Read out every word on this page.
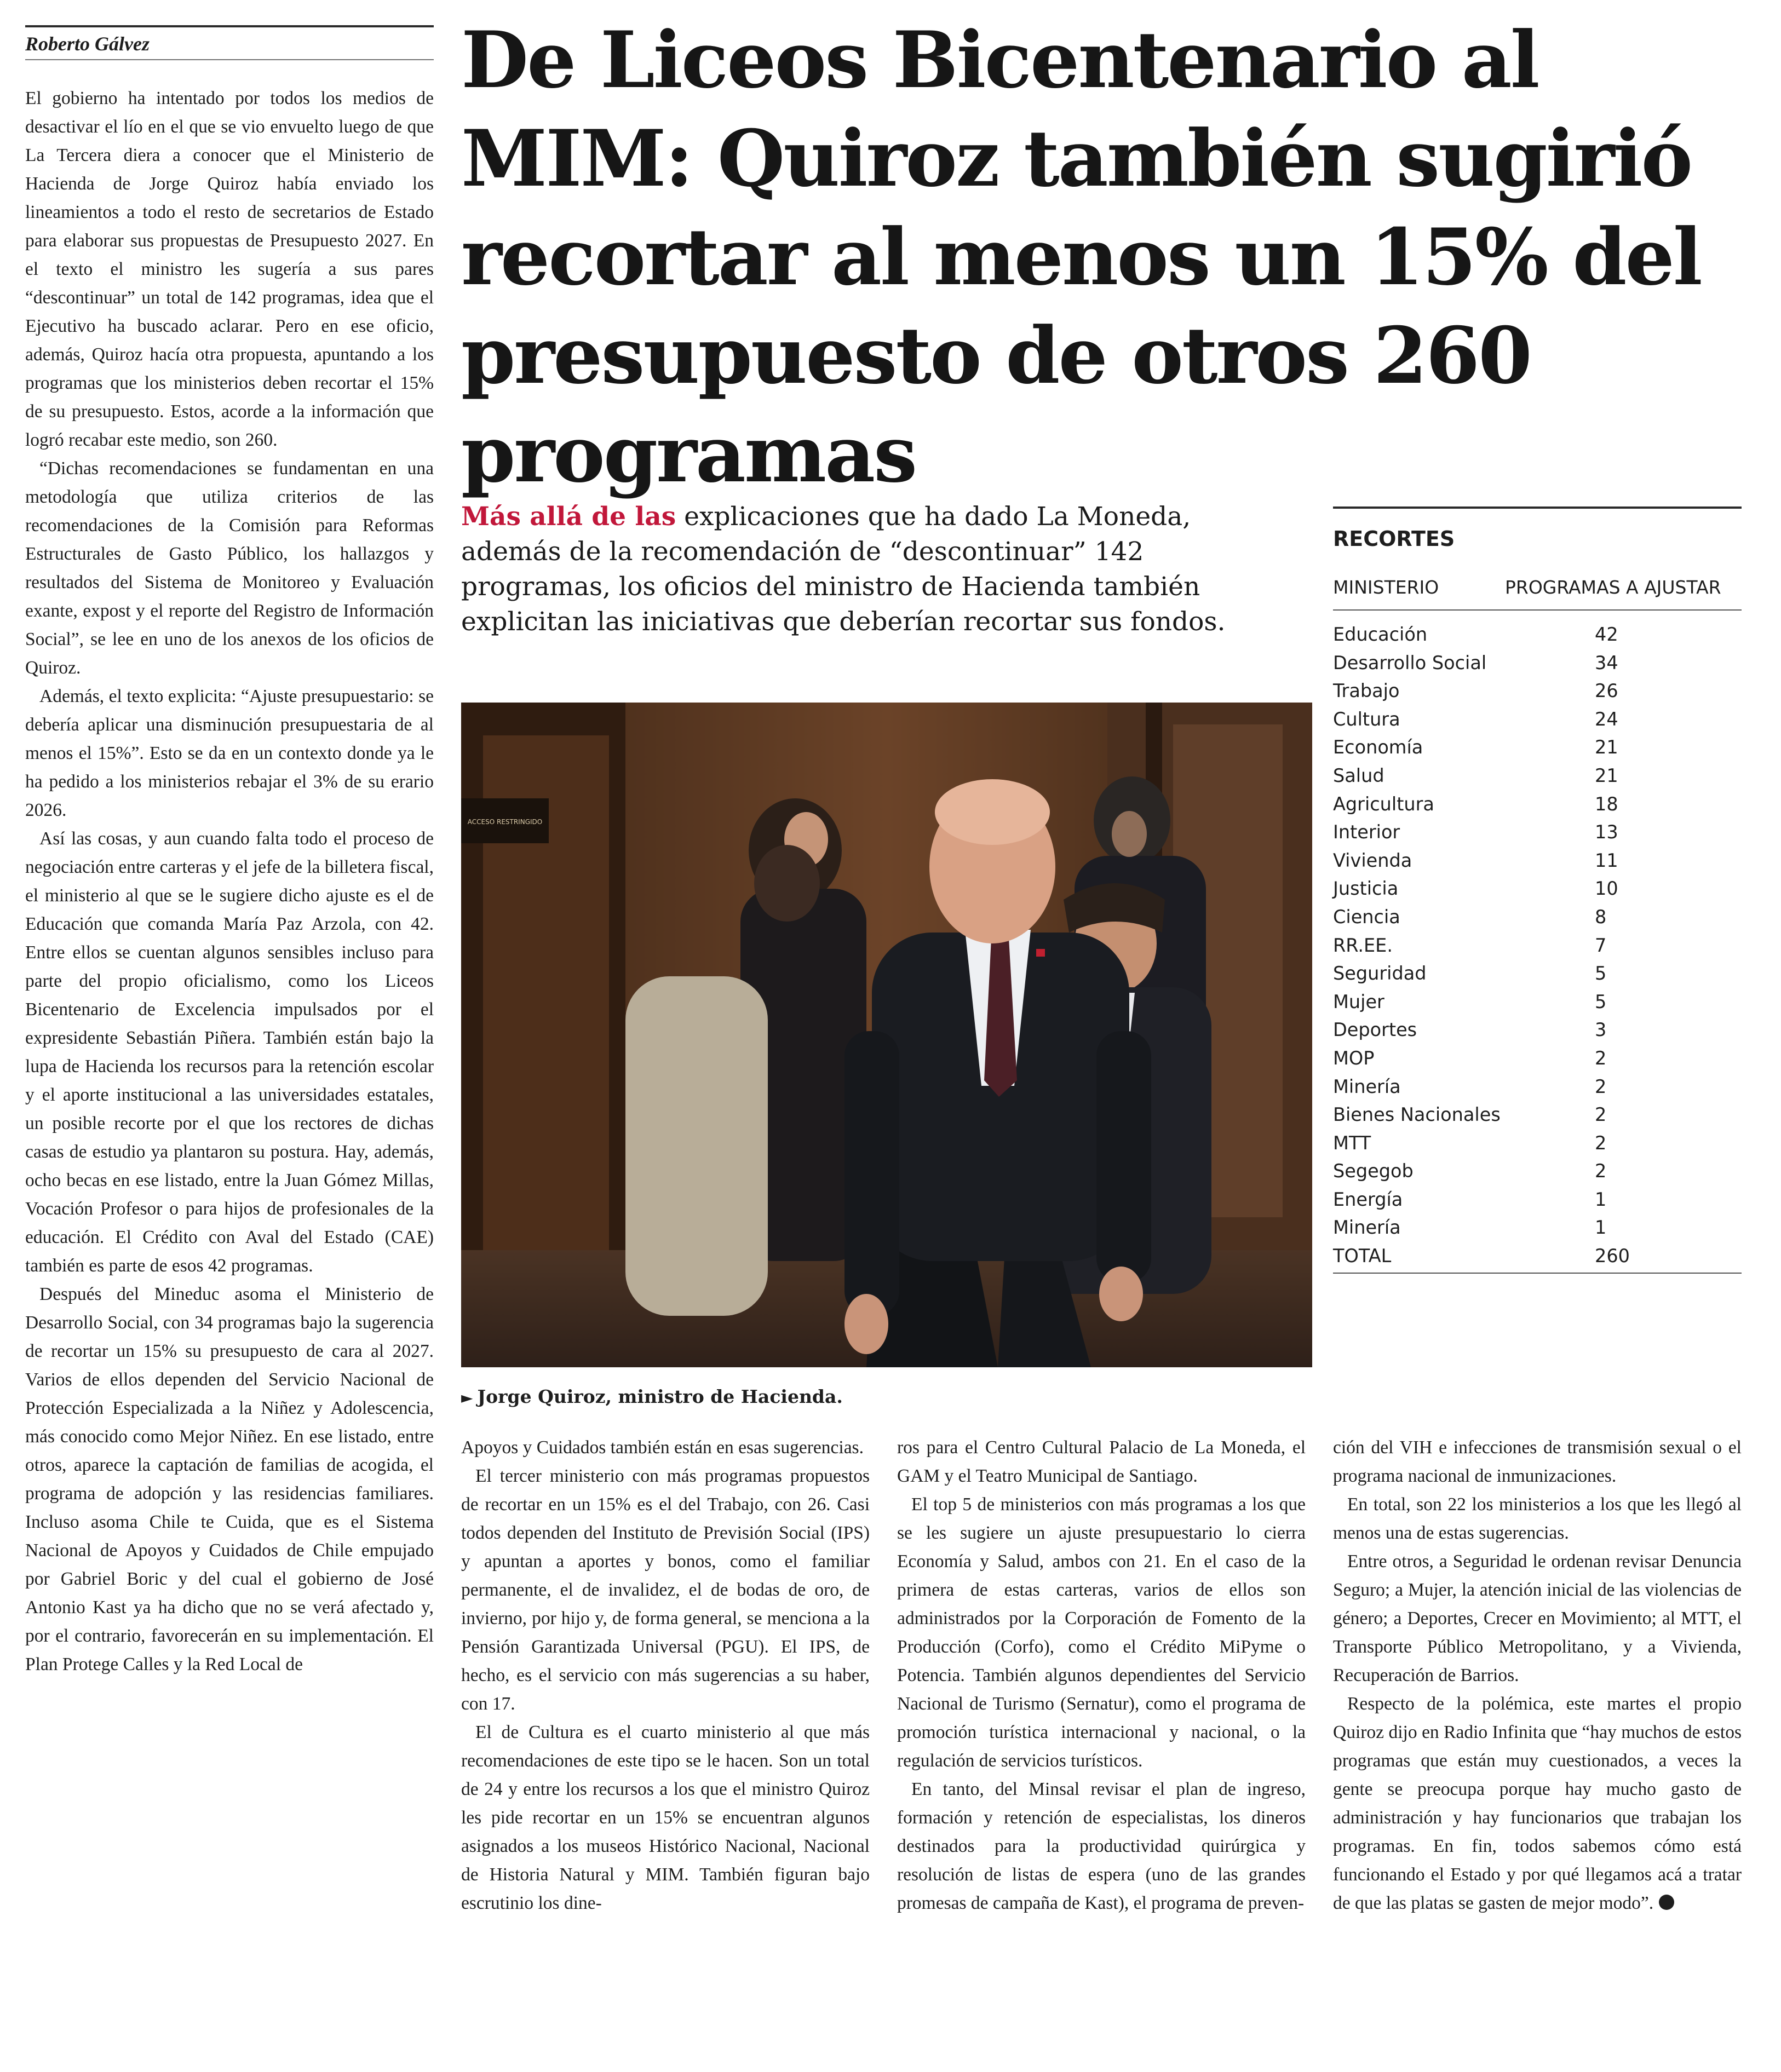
Roberto Gálvez

El gobierno ha intentado por todos los medios de desactivar el lío en el que se vio envuelto luego de que La Tercera diera a conocer que el Ministerio de Hacienda de Jorge Quiroz había enviado los lineamientos a todo el resto de secretarios de Estado para elaborar sus propuestas de Presupuesto 2027. En el texto el ministro les sugería a sus pares “descontinuar” un total de 142 programas, idea que el Ejecutivo ha buscado aclarar. Pero en ese oficio, además, Quiroz hacía otra propuesta, apuntando a los programas que los ministerios deben recortar el 15% de su presupuesto. Estos, acorde a la información que logró recabar este medio, son 260.

“Dichas recomendaciones se fundamentan en una metodología que utiliza criterios de las recomendaciones de la Comisión para Reformas Estructurales de Gasto Público, los hallazgos y resultados del Sistema de Monitoreo y Evaluación exante, expost y el reporte del Registro de Información Social”, se lee en uno de los anexos de los oficios de Quiroz.

Además, el texto explicita: “Ajuste presupuestario: se debería aplicar una disminución presupuestaria de al menos el 15%”. Esto se da en un contexto donde ya le ha pedido a los ministerios rebajar el 3% de su erario 2026.

Así las cosas, y aun cuando falta todo el proceso de negociación entre carteras y el jefe de la billetera fiscal, el ministerio al que se le sugiere dicho ajuste es el de Educación que comanda María Paz Arzola, con 42. Entre ellos se cuentan algunos sensibles incluso para parte del propio oficialismo, como los Liceos Bicentenario de Excelencia impulsados por el expresidente Sebastián Piñera. También están bajo la lupa de Hacienda los recursos para la retención escolar y el aporte institucional a las universidades estatales, un posible recorte por el que los rectores de dichas casas de estudio ya plantaron su postura. Hay, además, ocho becas en ese listado, entre la Juan Gómez Millas, Vocación Profesor o para hijos de profesionales de la educación. El Crédito con Aval del Estado (CAE) también es parte de esos 42 programas.

Después del Mineduc asoma el Ministerio de Desarrollo Social, con 34 programas bajo la sugerencia de recortar un 15% su presupuesto de cara al 2027. Varios de ellos dependen del Servicio Nacional de Protección Especializada a la Niñez y Adolescencia, más conocido como Mejor Niñez. En ese listado, entre otros, aparece la captación de familias de acogida, el programa de adopción y las residencias familiares. Incluso asoma Chile te Cuida, que es el Sistema Nacional de Apoyos y Cuidados de Chile empujado por Gabriel Boric y del cual el gobierno de José Antonio Kast ya ha dicho que no se verá afectado y, por el contrario, favorecerán en su implementación. El Plan Protege Calles y la Red Local de

De Liceos Bicentenario al MIM: Quiroz también sugirió recortar al menos un 15% del presupuesto de otros 260 programas
Más allá de las explicaciones que ha dado La Moneda, además de la recomendación de “descontinuar” 142 programas, los oficios del ministro de Hacienda también explicitan las iniciativas que deberían recortar sus fondos.
ACCESO RESTRINGIDO
► Jorge Quiroz, ministro de Hacienda.
RECORTES
MINISTERIO	PROGRAMAS A AJUSTAR
Educación	42
Desarrollo Social	34
Trabajo	26
Cultura	24
Economía	21
Salud	21
Agricultura	18
Interior	13
Vivienda	11
Justicia	10
Ciencia	8
RR.EE.	7
Seguridad	5
Mujer	5
Deportes	3
MOP	2
Minería	2
Bienes Nacionales	2
MTT	2
Segegob	2
Energía	1
Minería	1
TOTAL	260

Apoyos y Cuidados también están en esas sugerencias.

El tercer ministerio con más programas propuestos de recortar en un 15% es el del Trabajo, con 26. Casi todos dependen del Instituto de Previsión Social (IPS) y apuntan a aportes y bonos, como el familiar permanente, el de invalidez, el de bodas de oro, de invierno, por hijo y, de forma general, se menciona a la Pensión Garantizada Universal (PGU). El IPS, de hecho, es el servicio con más sugerencias a su haber, con 17.

El de Cultura es el cuarto ministerio al que más recomendaciones de este tipo se le hacen. Son un total de 24 y entre los recursos a los que el ministro Quiroz les pide recortar en un 15% se encuentran algunos asignados a los museos Histórico Nacional, Nacional de Historia Natural y MIM. También figuran bajo escrutinio los dine-

ros para el Centro Cultural Palacio de La Moneda, el GAM y el Teatro Municipal de Santiago.

El top 5 de ministerios con más programas a los que se les sugiere un ajuste presupuestario lo cierra Economía y Salud, ambos con 21. En el caso de la primera de estas carteras, varios de ellos son administrados por la Corporación de Fomento de la Producción (Corfo), como el Crédito MiPyme o Potencia. También algunos dependientes del Servicio Nacional de Turismo (Sernatur), como el programa de promoción turística internacional y nacional, o la regulación de servicios turísticos.

En tanto, del Minsal revisar el plan de ingreso, formación y retención de especialistas, los dineros destinados para la productividad quirúrgica y resolución de listas de espera (uno de las grandes promesas de campaña de Kast), el programa de preven-

ción del VIH e infecciones de transmisión sexual o el programa nacional de inmunizaciones.

En total, son 22 los ministerios a los que les llegó al menos una de estas sugerencias.

Entre otros, a Seguridad le ordenan revisar Denuncia Seguro; a Mujer, la atención inicial de las violencias de género; a Deportes, Crecer en Movimiento; al MTT, el Transporte Público Metropolitano, y a Vivienda, Recuperación de Barrios.

Respecto de la polémica, este martes el propio Quiroz dijo en Radio Infinita que “hay muchos de estos programas que están muy cuestionados, a veces la gente se preocupa porque hay mucho gasto de administración y hay funcionarios que trabajan los programas. En fin, todos sabemos cómo está funcionando el Estado y por qué llegamos acá a tratar de que las platas se gasten de mejor modo”.
